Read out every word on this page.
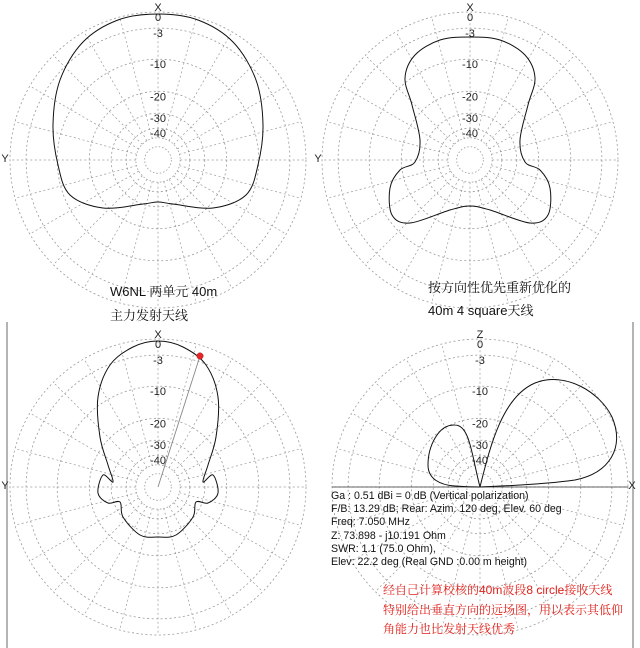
0
-3
-10
-20
-30
-40
X
Y
0
-3
-10
-20
-30
-40
X
Y
0
-3
-10
-20
-30
-40
X
Y
0
-3
-10
-20
-30
-40
Z
X
W6NL 两单元 40m
主力发射天线
按方向性优先重新优化的
40m 4 square天线
Ga : 0.51 dBi = 0 dB (Vertical polarization)
F/B: 13.29 dB; Rear: Azim. 120 deg, Elev. 60 deg
Freq: 7.050 MHz
Z: 73.898 - j10.191 Ohm
SWR: 1.1 (75.0 Ohm),
Elev: 22.2 deg (Real GND :0.00 m height)
经自己计算校核的40m波段8 circle接收天线
特别给出垂直方向的远场图，用以表示其低仰
角能力也比发射天线优秀
